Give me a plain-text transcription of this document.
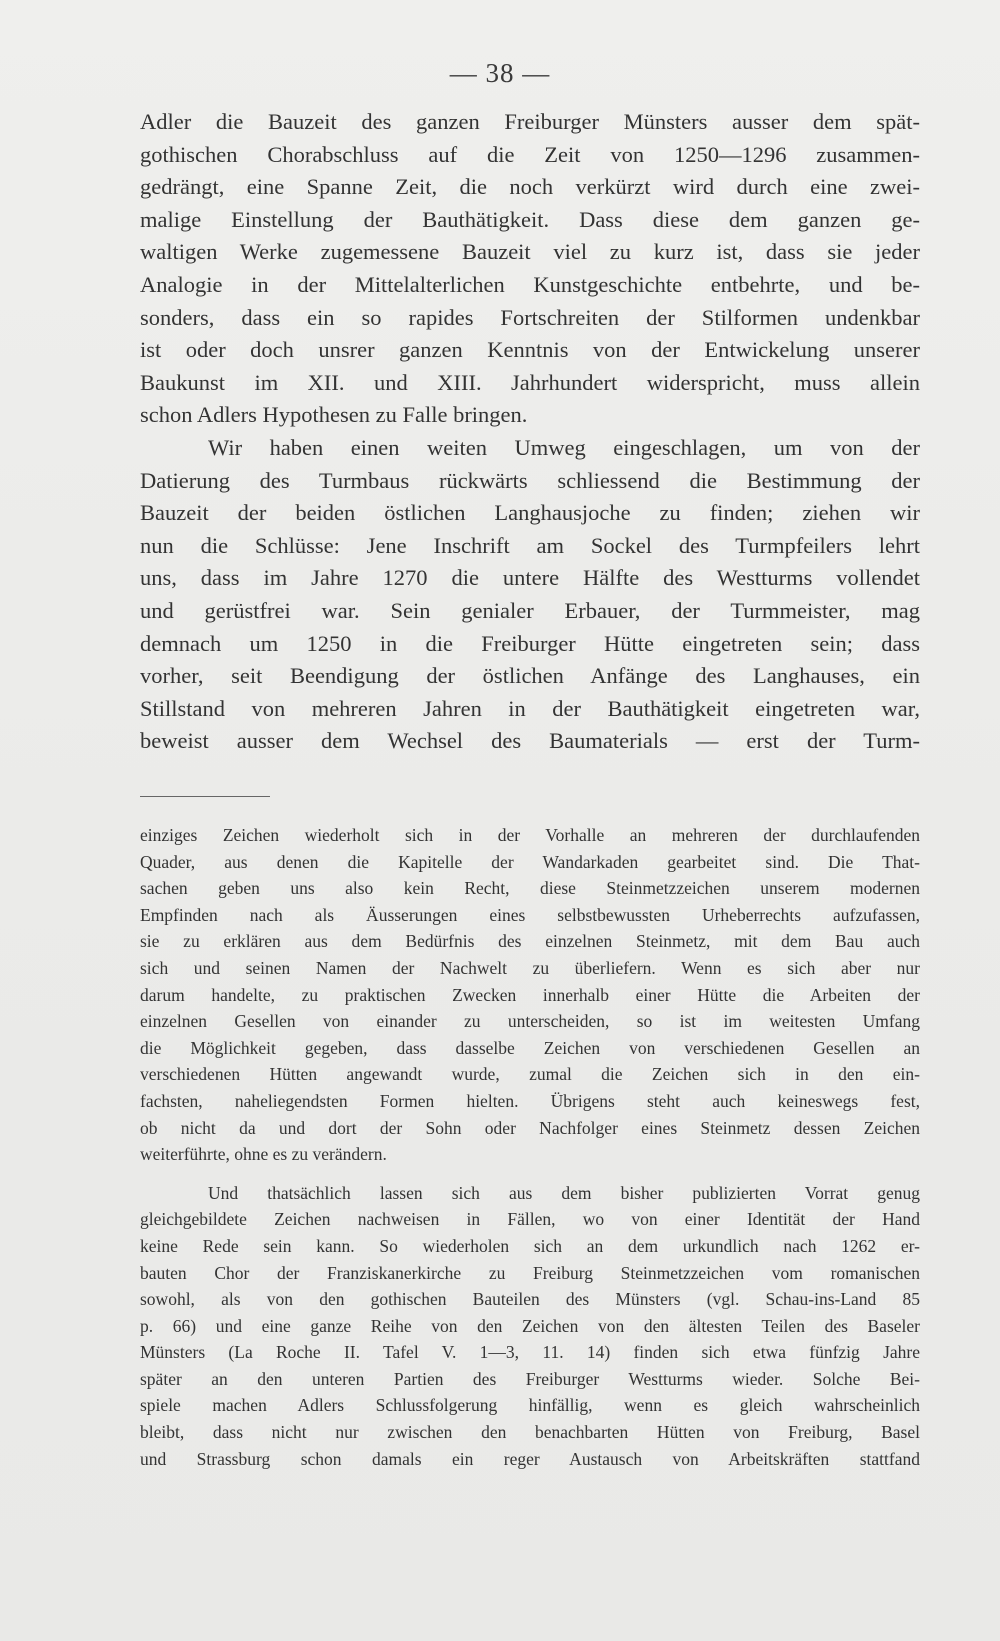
— 38 —
Adler die Bauzeit des ganzen Freiburger Münsters ausser dem spät-
gothischen Chorabschluss auf die Zeit von 1250—1296 zusammen-
gedrängt, eine Spanne Zeit, die noch verkürzt wird durch eine zwei-
malige Einstellung der Bauthätigkeit. Dass diese dem ganzen ge-
waltigen Werke zugemessene Bauzeit viel zu kurz ist, dass sie jeder
Analogie in der Mittelalterlichen Kunstgeschichte entbehrte, und be-
sonders, dass ein so rapides Fortschreiten der Stilformen undenkbar
ist oder doch unsrer ganzen Kenntnis von der Entwickelung unserer
Baukunst im XII. und XIII. Jahrhundert widerspricht, muss allein
schon Adlers Hypothesen zu Falle bringen.
Wir haben einen weiten Umweg eingeschlagen, um von der
Datierung des Turmbaus rückwärts schliessend die Bestimmung der
Bauzeit der beiden östlichen Langhausjoche zu finden; ziehen wir
nun die Schlüsse: Jene Inschrift am Sockel des Turmpfeilers lehrt
uns, dass im Jahre 1270 die untere Hälfte des Westturms vollendet
und gerüstfrei war. Sein genialer Erbauer, der Turmmeister, mag
demnach um 1250 in die Freiburger Hütte eingetreten sein; dass
vorher, seit Beendigung der östlichen Anfänge des Langhauses, ein
Stillstand von mehreren Jahren in der Bauthätigkeit eingetreten war,
beweist ausser dem Wechsel des Baumaterials — erst der Turm-
einziges Zeichen wiederholt sich in der Vorhalle an mehreren der durchlaufenden
Quader, aus denen die Kapitelle der Wandarkaden gearbeitet sind. Die That-
sachen geben uns also kein Recht, diese Steinmetzzeichen unserem modernen
Empfinden nach als Äusserungen eines selbstbewussten Urheberrechts aufzufassen,
sie zu erklären aus dem Bedürfnis des einzelnen Steinmetz, mit dem Bau auch
sich und seinen Namen der Nachwelt zu überliefern. Wenn es sich aber nur
darum handelte, zu praktischen Zwecken innerhalb einer Hütte die Arbeiten der
einzelnen Gesellen von einander zu unterscheiden, so ist im weitesten Umfang
die Möglichkeit gegeben, dass dasselbe Zeichen von verschiedenen Gesellen an
verschiedenen Hütten angewandt wurde, zumal die Zeichen sich in den ein-
fachsten, naheliegendsten Formen hielten. Übrigens steht auch keineswegs fest,
ob nicht da und dort der Sohn oder Nachfolger eines Steinmetz dessen Zeichen
weiterführte, ohne es zu verändern.
Und thatsächlich lassen sich aus dem bisher publizierten Vorrat genug
gleichgebildete Zeichen nachweisen in Fällen, wo von einer Identität der Hand
keine Rede sein kann. So wiederholen sich an dem urkundlich nach 1262 er-
bauten Chor der Franziskanerkirche zu Freiburg Steinmetzzeichen vom romanischen
sowohl, als von den gothischen Bauteilen des Münsters (vgl. Schau-ins-Land 85
p. 66) und eine ganze Reihe von den Zeichen von den ältesten Teilen des Baseler
Münsters (La Roche II. Tafel V. 1—3, 11. 14) finden sich etwa fünfzig Jahre
später an den unteren Partien des Freiburger Westturms wieder. Solche Bei-
spiele machen Adlers Schlussfolgerung hinfällig, wenn es gleich wahrscheinlich
bleibt, dass nicht nur zwischen den benachbarten Hütten von Freiburg, Basel
und Strassburg schon damals ein reger Austausch von Arbeitskräften stattfand
